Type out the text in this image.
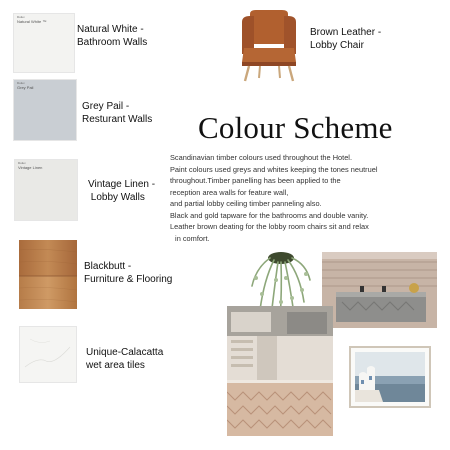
Dulux
Natural White ™
Natural White -
Bathroom Walls
Dulux
Grey Pail
Grey Pail -
Resturant Walls
Dulux
Vintage Linen
Vintage Linen -
Lobby Walls
Blackbutt -
Furniture & Flooring
Unique-Calacatta
wet area tiles
Brown Leather -
Lobby Chair
Colour Scheme
Scandinavian timber colours used throughout the Hotel.
Paint colours used greys and whites keeping the tones neutruel
throughout.Timber panelling has been applied to the
reception area walls for feature wall,
and partial lobby ceiling timber panneling also.
Black and gold tapware for the bathrooms and double vanity.
Leather brown deating for the lobby room chairs sit and relax
in comfort.
